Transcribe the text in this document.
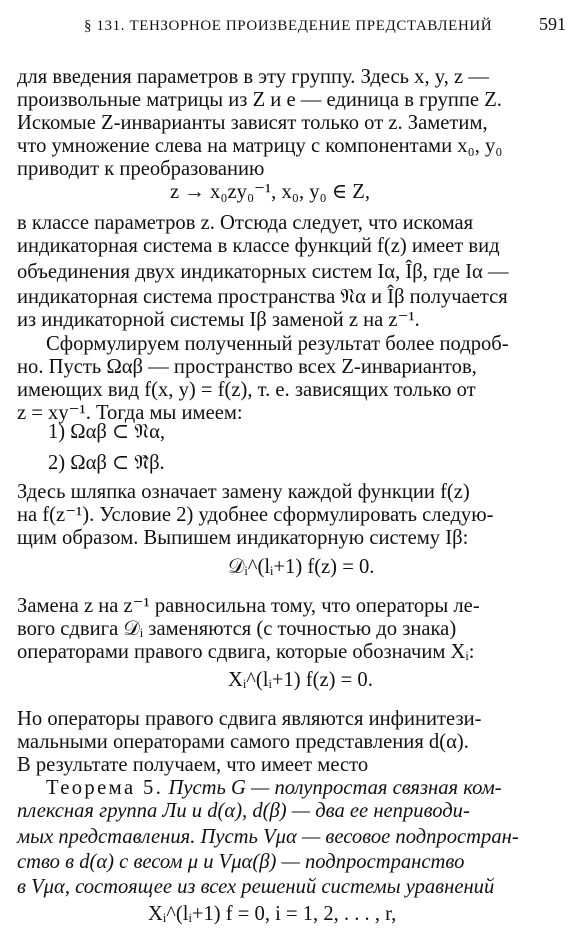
§ 131. ТЕНЗОРНОЕ ПРОИЗВЕДЕНИЕ ПРЕДСТАВЛЕНИЙ	591
для введения параметров в эту группу. Здесь x, y, z —
произвольные матрицы из Z и e — единица в группе Z.
Искомые Z-инварианты зависят только от z. Заметим,
что умножение слева на матрицу с компонентами x₀, y₀
приводит к преобразованию
z → x₀zy₀⁻¹, x₀, y₀ ∈ Z,
в классе параметров z. Отсюда следует, что искомая
индикаторная система в классе функций f(z) имеет вид
объединения двух индикаторных систем Iα, Îβ, где Iα —
индикаторная система пространства 𝔑α и Îβ получается
из индикаторной системы Iβ заменой z на z⁻¹.
Сформулируем полученный результат более подроб-
но. Пусть Ωαβ — пространство всех Z-инвариантов,
имеющих вид f(x, y) = f(z), т. е. зависящих только от
z = xy⁻¹. Тогда мы имеем:
1) Ωαβ ⊂ 𝔑α,
2) Ωαβ ⊂ 𝔑̂β.
Здесь шляпка означает замену каждой функции f(z)
на f(z⁻¹). Условие 2) удобнее сформулировать следую-
щим образом. Выпишем индикаторную систему Iβ:
𝒟ᵢ^(lᵢ+1) f(z) = 0.
Замена z на z⁻¹ равносильна тому, что операторы ле-
вого сдвига 𝒟ᵢ заменяются (с точностью до знака)
операторами правого сдвига, которые обозначим Xᵢ:
Xᵢ^(lᵢ+1) f(z) = 0.
Но операторы правого сдвига являются инфинитези-
мальными операторами самого представления d(α).
В результате получаем, что имеет место
Теорема 5. Пусть G — полупростая связная ком-
плексная группа Ли и d(α), d(β) — два ее неприводи-
мых представления. Пусть Vμα — весовое подпростран-
ство в d(α) с весом μ и Vμα(β) — подпространство
в Vμα, состоящее из всех решений системы уравнений
Xᵢ^(lᵢ+1) f = 0, i = 1, 2, . . . , r,
